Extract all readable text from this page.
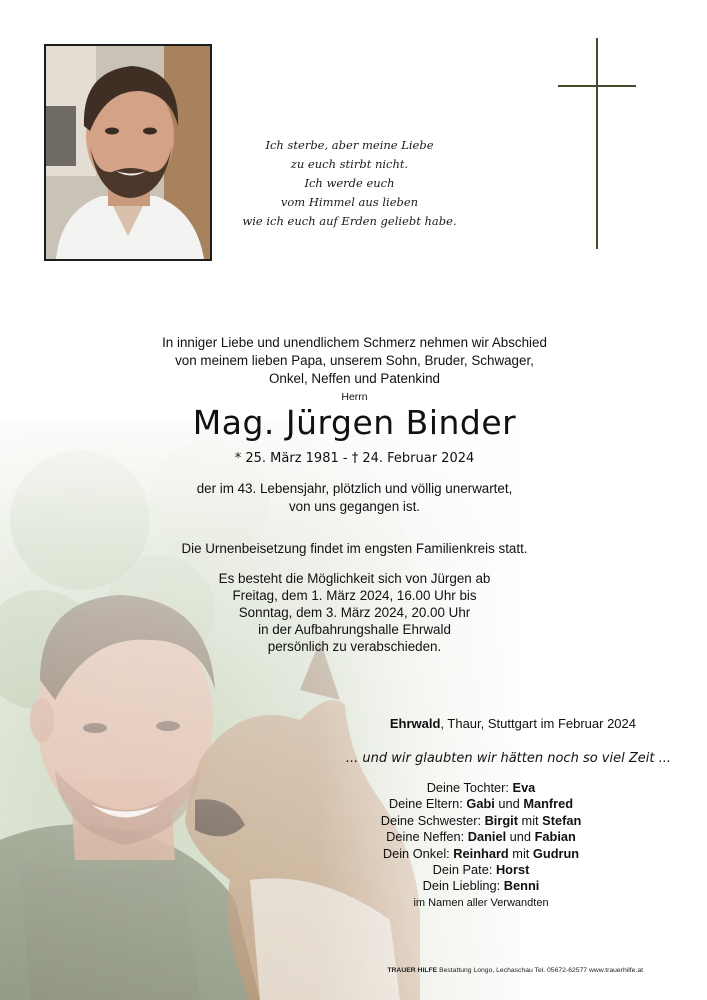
Ich sterbe, aber meine Liebe
zu euch stirbt nicht.
Ich werde euch
vom Himmel aus lieben
wie ich euch auf Erden geliebt habe.
In inniger Liebe und unendlichem Schmerz nehmen wir Abschied
von meinem lieben Papa, unserem Sohn, Bruder, Schwager,
Onkel, Neffen und Patenkind
Herrn
Mag. Jürgen Binder
* 25. März 1981 - † 24. Februar 2024
der im 43. Lebensjahr, plötzlich und völlig unerwartet,
von uns gegangen ist.
Die Urnenbeisetzung findet im engsten Familienkreis statt.
Es besteht die Möglichkeit sich von Jürgen ab
Freitag, dem 1. März 2024, 16.00 Uhr bis
Sonntag, dem 3. März 2024, 20.00 Uhr
in der Aufbahrungshalle Ehrwald
persönlich zu verabschieden.
Ehrwald, Thaur, Stuttgart im Februar 2024
... und wir glaubten wir hätten noch so viel Zeit ...
Deine Tochter: Eva
Deine Eltern: Gabi und Manfred
Deine Schwester: Birgit mit Stefan
Deine Neffen: Daniel und Fabian
Dein Onkel: Reinhard mit Gudrun
Dein Pate: Horst
Dein Liebling: Benni
im Namen aller Verwandten
TRAUER HILFE Bestattung Longo, Lechaschau Tel. 05672-62577 www.trauerhilfe.at
